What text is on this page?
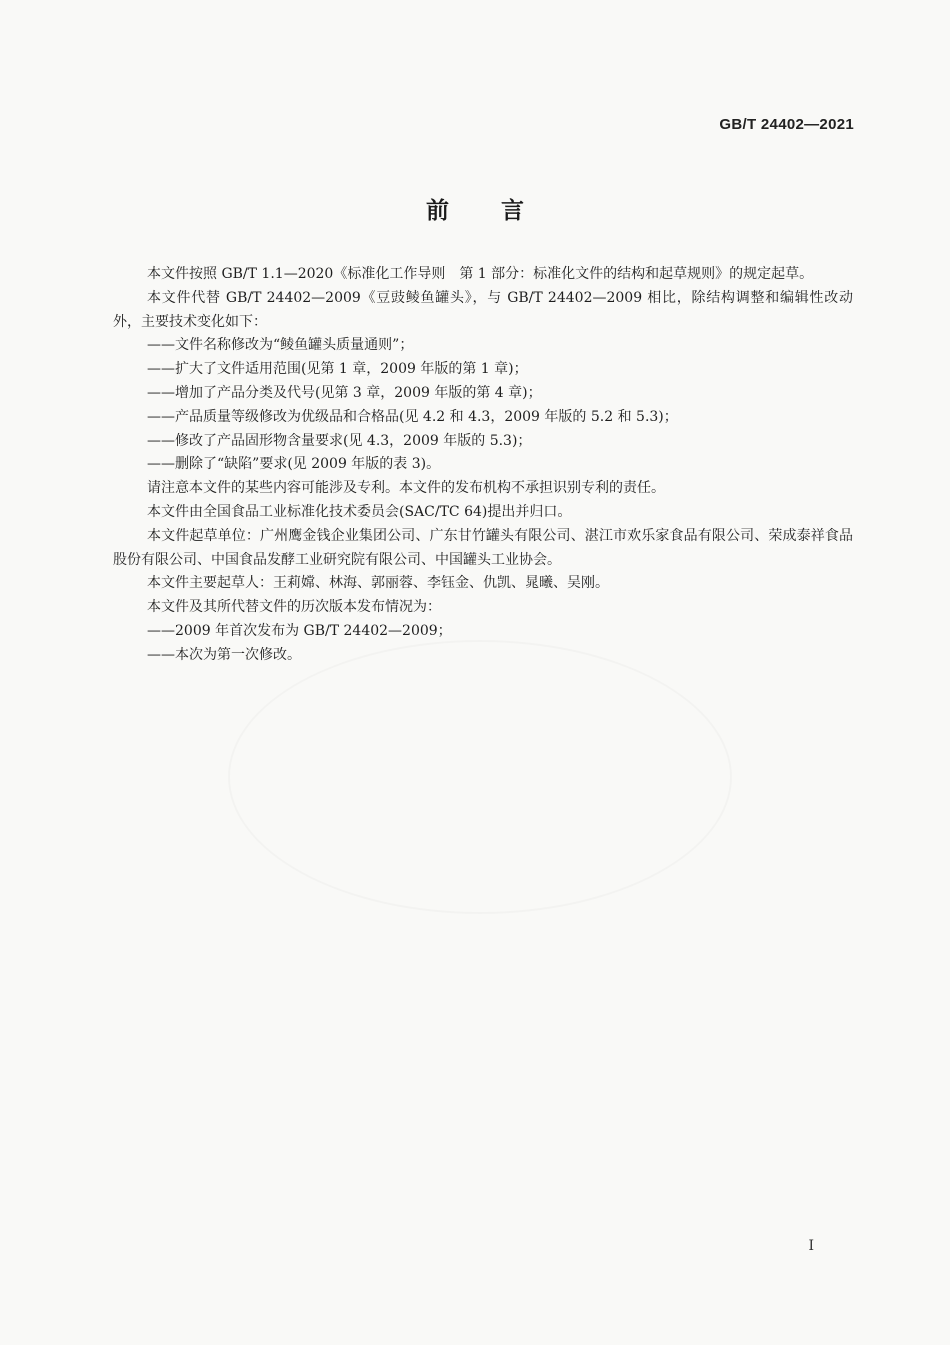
GB/T 24402—2021
前言

本文件按照 GB/T 1.1—2020《标准化工作导则　第 1 部分：标准化文件的结构和起草规则》的规定起草。

本文件代替 GB/T 24402—2009《豆豉鲮鱼罐头》，与 GB/T 24402—2009 相比，除结构调整和编辑性改动外，主要技术变化如下：

——文件名称修改为“鲮鱼罐头质量通则”；

——扩大了文件适用范围(见第 1 章，2009 年版的第 1 章)；

——增加了产品分类及代号(见第 3 章，2009 年版的第 4 章)；

——产品质量等级修改为优级品和合格品(见 4.2 和 4.3，2009 年版的 5.2 和 5.3)；

——修改了产品固形物含量要求(见 4.3，2009 年版的 5.3)；

——删除了“缺陷”要求(见 2009 年版的表 3)。

请注意本文件的某些内容可能涉及专利。本文件的发布机构不承担识别专利的责任。

本文件由全国食品工业标准化技术委员会(SAC/TC 64)提出并归口。

本文件起草单位：广州鹰金钱企业集团公司、广东甘竹罐头有限公司、湛江市欢乐家食品有限公司、荣成泰祥食品股份有限公司、中国食品发酵工业研究院有限公司、中国罐头工业协会。

本文件主要起草人：王莉嫦、林海、郭丽蓉、李钰金、仇凯、晁曦、吴刚。

本文件及其所代替文件的历次版本发布情况为：

——2009 年首次发布为 GB/T 24402—2009；

——本次为第一次修改。

I
